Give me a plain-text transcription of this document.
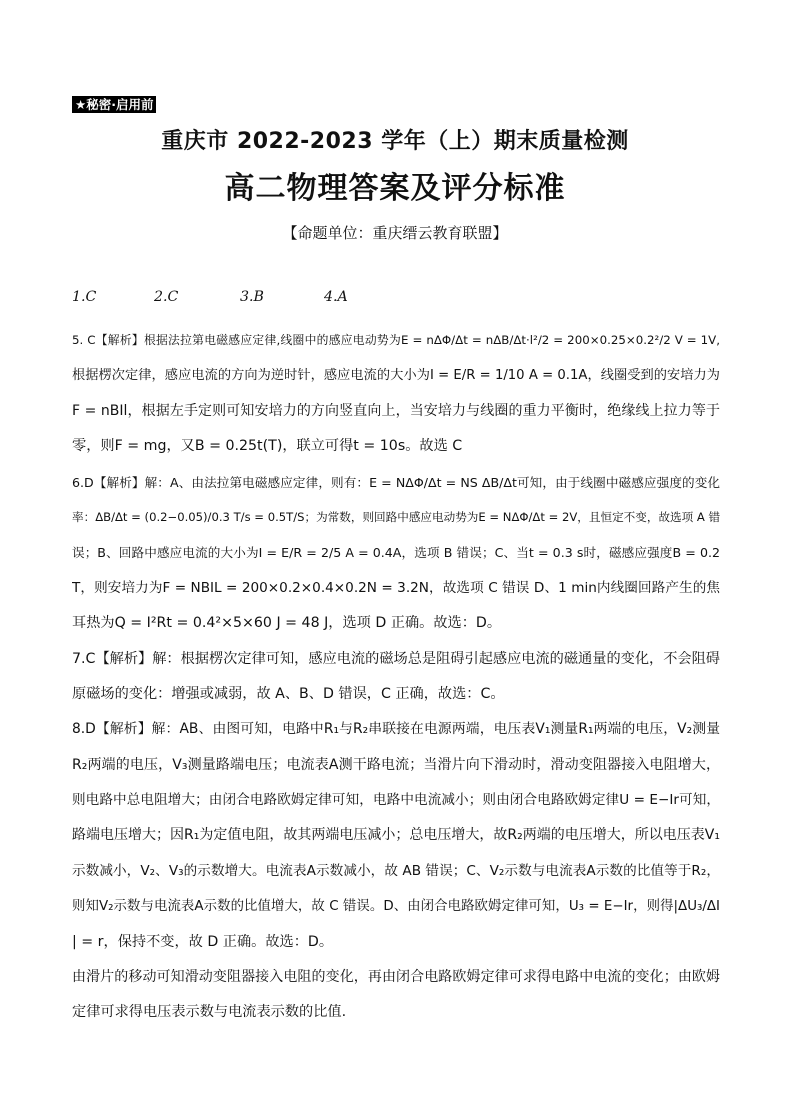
★秘密·启用前
重庆市 2022-2023 学年（上）期末质量检测
高二物理答案及评分标准
【命题单位：重庆缙云教育联盟】
1.C	2.C	3.B	4.A
5. C【解析】根据法拉第电磁感应定律,线圈中的感应电动势为E = nΔΦ/Δt = nΔB/Δt·l²/2 = 200×0.25×0.2²/2 V = 1V,
根据楞次定律，感应电流的方向为逆时针，感应电流的大小为I = E/R = 1/10 A = 0.1A，线圈受到的安培力为
F = nBIl，根据左手定则可知安培力的方向竖直向上，当安培力与线圈的重力平衡时，绝缘线上拉力等于
零，则F = mg，又B = 0.25t(T)，联立可得t = 10s。故选 C
6.D【解析】解：A、由法拉第电磁感应定律，则有：E = NΔΦ/Δt = NS ΔB/Δt可知，由于线圈中磁感应强度的变化
率：ΔB/Δt = (0.2−0.05)/0.3 T/s = 0.5T/S；为常数，则回路中感应电动势为E = NΔΦ/Δt = 2V，且恒定不变，故选项 A 错
误；B、回路中感应电流的大小为I = E/R = 2/5 A = 0.4A，选项 B 错误；C、当t = 0.3 s时，磁感应强度B = 0.2
T，则安培力为F = NBIL = 200×0.2×0.4×0.2N = 3.2N，故选项 C 错误 D、1 min内线圈回路产生的焦
耳热为Q = I²Rt = 0.4²×5×60 J = 48 J，选项 D 正确。故选：D。
7.C【解析】解：根据楞次定律可知，感应电流的磁场总是阻碍引起感应电流的磁通量的变化，不会阻碍
原磁场的变化：增强或减弱，故 A、B、D 错误，C 正确，故选：C。
8.D【解析】解：AB、由图可知，电路中R₁与R₂串联接在电源两端，电压表V₁测量R₁两端的电压，V₂测量
R₂两端的电压，V₃测量路端电压；电流表A测干路电流；当滑片向下滑动时，滑动变阻器接入电阻增大，
则电路中总电阻增大；由闭合电路欧姆定律可知，电路中电流减小；则由闭合电路欧姆定律U = E−Ir可知，
路端电压增大；因R₁为定值电阻，故其两端电压减小；总电压增大，故R₂两端的电压增大，所以电压表V₁
示数减小，V₂、V₃的示数增大。电流表A示数减小，故 AB 错误；C、V₂示数与电流表A示数的比值等于R₂，
则知V₂示数与电流表A示数的比值增大，故 C 错误。D、由闭合电路欧姆定律可知，U₃ = E−Ir，则得|ΔU₃/ΔI
| = r，保持不变，故 D 正确。故选：D。
由滑片的移动可知滑动变阻器接入电阻的变化，再由闭合电路欧姆定律可求得电路中电流的变化；由欧姆
定律可求得电压表示数与电流表示数的比值.
